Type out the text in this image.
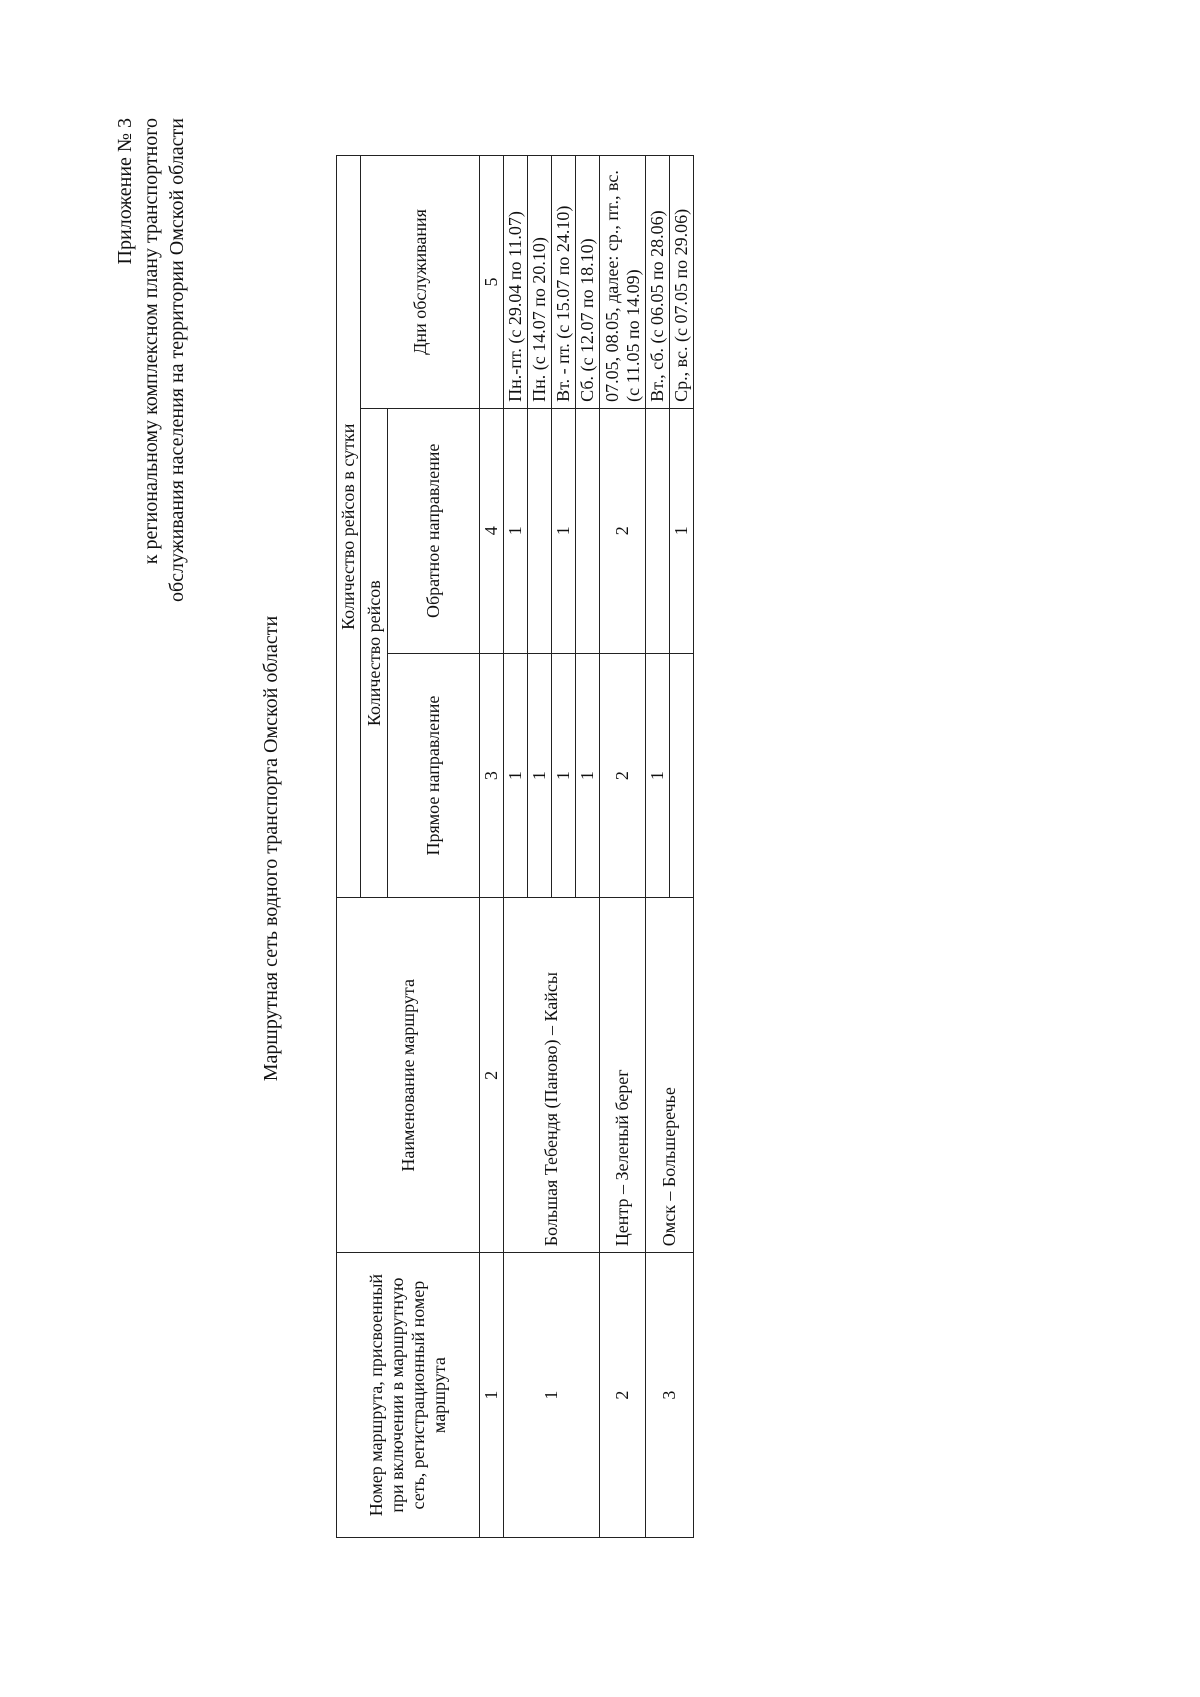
Приложение № 3 к региональному комплексном плану транспортного обслуживания населения на территории Омской области
Маршрутная сеть водного транспорта Омской области
Номер маршрута, присвоенный при включении в маршрутную сеть, регистрационный номер маршрута	Наименование маршрута	Количество рейсов в сутки		
		Количество рейсов		Дни обслуживания
		Прямое направление	Обратное направление	
1	2	3	4	5
1	Большая Тебендя (Паново) – Кайсы	1	1	Пн.-пт. (с 29.04 по 11.07)
		1		Пн. (с 14.07 по 20.10)
		1	1	Вт. - пт. (с 15.07 по 24.10)
		1		Сб. (с 12.07 по 18.10)
2	Центр – Зеленый берег	2	2	07.05, 08.05, далее: ср., пт., вс. (с 11.05 по 14.09)
3	Омск – Большеречье	1		Вт., сб. (с 06.05 по 28.06)
			1	Ср., вс. (с 07.05 по 29.06)
